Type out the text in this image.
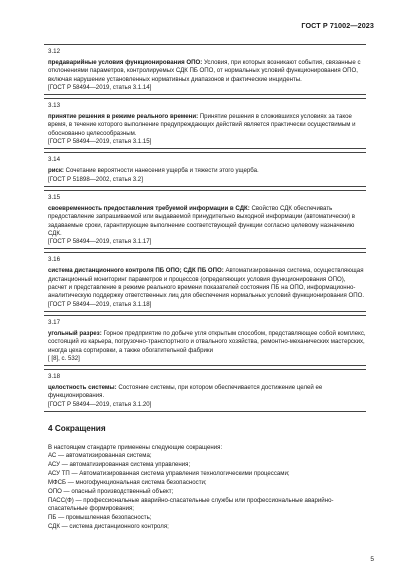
ГОСТ Р 71002—2023
3.12
предаварийные условия функционирования ОПО: Условия, при которых возникают события, связанные с отклонениями параметров, контролируемых СДК ПБ ОПО, от нормальных условий функционирования ОПО, включая нарушение установленных нормативных диапазонов и фактические инциденты.
[ГОСТ Р 58494—2019, статья 3.1.14]
3.13
принятие решения в режиме реального времени: Принятие решения в сложившихся условиях за такое время, в течение которого выполнение предупреждающих действий является практически осуществимым и обоснованно целесообразным.
[ГОСТ Р 58494—2019, статья 3.1.15]
3.14
риск: Сочетание вероятности нанесения ущерба и тяжести этого ущерба.
[ГОСТ Р 51898—2002, статья 3.2]
3.15
своевременность предоставления требуемой информации в СДК: Свойство СДК обеспечивать предоставление запрашиваемой или выдаваемой принудительно выходной информации (автоматически) в задаваемые сроки, гарантирующие выполнение соответствующей функции согласно целевому назначению СДК.
[ГОСТ Р 58494—2019, статья 3.1.17]
3.16
система дистанционного контроля ПБ ОПО; СДК ПБ ОПО: Автоматизированная система, осуществляющая дистанционный мониторинг параметров и процессов (определяющих условия функционирования ОПО), расчет и представление в режиме реального времени показателей состояния ПБ на ОПО, информационно-аналитическую поддержку ответственных лиц для обеспечения нормальных условий функционирования ОПО.
[ГОСТ Р 58494—2019, статья 3.1.18]
3.17
угольный разрез: Горное предприятие по добыче угля открытым способом, представляющее собой комплекс, состоящий из карьера, погрузочно-транспортного и отвального хозяйства, ремонтно-механических мастерских, иногда цеха сортировки, а также обогатительной фабрики
[ [8], с. 532]
3.18
целостность системы: Состояние системы, при котором обеспечивается достижение целей ее функционирования.
[ГОСТ Р 58494—2019, статья 3.1.20]
4 Сокращения
В настоящем стандарте применены следующие сокращения:
АС — автоматизированная система;
АСУ — автоматизированная система управления;
АСУ ТП — Автоматизированная система управления технологическими процессами;
МФСБ — многофункциональная система безопасности;
ОПО — опасный производственный объект;
ПАСС(Ф) — профессиональные аварийно-спасательные службы или профессиональные аварийно-спасательные формирования;
ПБ — промышленная безопасность;
СДК — система дистанционного контроля;
5
